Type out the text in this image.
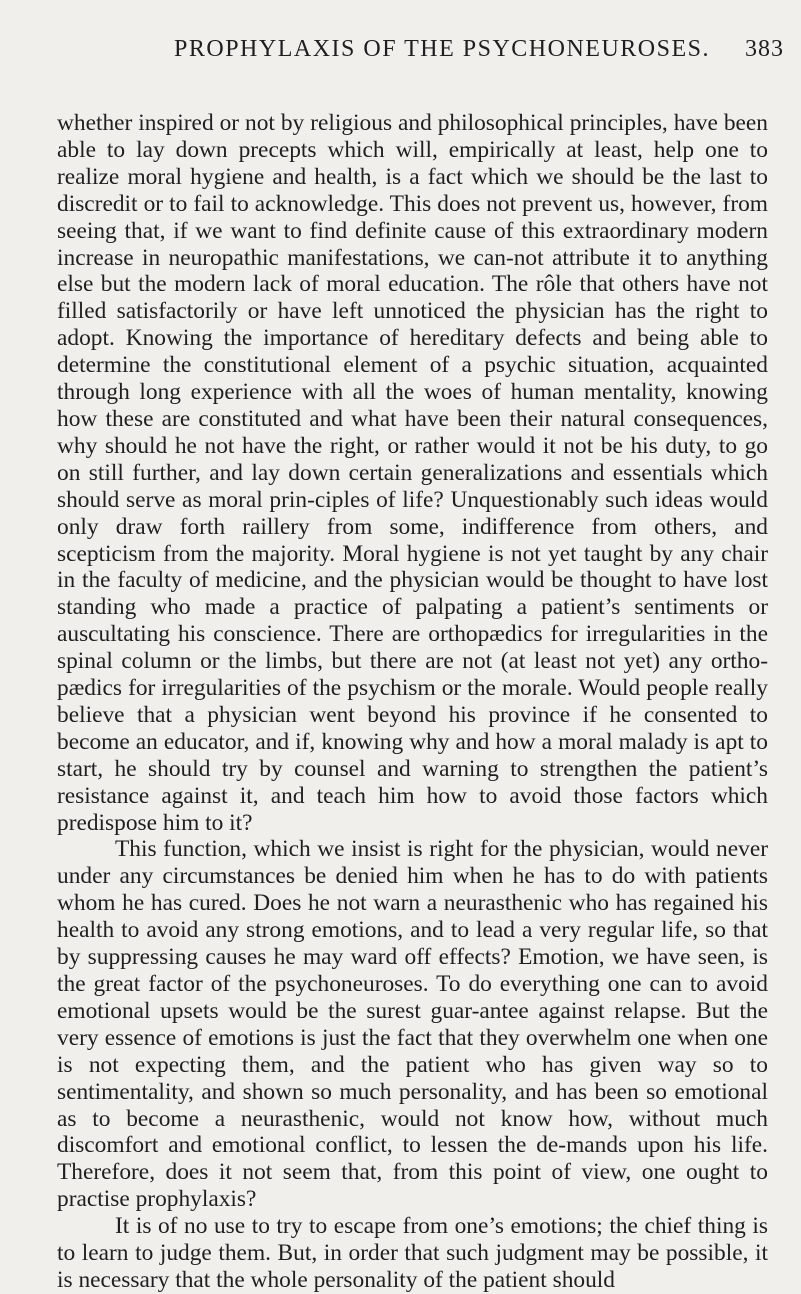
PROPHYLAXIS OF THE PSYCHONEUROSES. 383

whether inspired or not by religious and philosophical principles, have been able to lay down precepts which will, empirically at least, help one to realize moral hygiene and health, is a fact which we should be the last to discredit or to fail to acknowledge. This does not prevent us, however, from seeing that, if we want to find definite cause of this extraordinary modern increase in neuropathic manifestations, we can-not attribute it to anything else but the modern lack of moral education. The rôle that others have not filled satisfactorily or have left unnoticed the physician has the right to adopt. Knowing the importance of hereditary defects and being able to determine the constitutional element of a psychic situation, acquainted through long experience with all the woes of human mentality, knowing how these are constituted and what have been their natural consequences, why should he not have the right, or rather would it not be his duty, to go on still further, and lay down certain generalizations and essentials which should serve as moral prin-ciples of life? Unquestionably such ideas would only draw forth raillery from some, indifference from others, and scepticism from the majority. Moral hygiene is not yet taught by any chair in the faculty of medicine, and the physician would be thought to have lost standing who made a practice of palpating a patient’s sentiments or auscultating his conscience. There are orthopædics for irregularities in the spinal column or the limbs, but there are not (at least not yet) any ortho-pædics for irregularities of the psychism or the morale. Would people really believe that a physician went beyond his province if he consented to become an educator, and if, knowing why and how a moral malady is apt to start, he should try by counsel and warning to strengthen the patient’s resistance against it, and teach him how to avoid those factors which predispose him to it?

This function, which we insist is right for the physician, would never under any circumstances be denied him when he has to do with patients whom he has cured. Does he not warn a neurasthenic who has regained his health to avoid any strong emotions, and to lead a very regular life, so that by suppressing causes he may ward off effects? Emotion, we have seen, is the great factor of the psychoneuroses. To do everything one can to avoid emotional upsets would be the surest guar-antee against relapse. But the very essence of emotions is just the fact that they overwhelm one when one is not expecting them, and the patient who has given way so to sentimentality, and shown so much personality, and has been so emotional as to become a neurasthenic, would not know how, without much discomfort and emotional conflict, to lessen the de-mands upon his life. Therefore, does it not seem that, from this point of view, one ought to practise prophylaxis?

It is of no use to try to escape from one’s emotions; the chief thing is to learn to judge them. But, in order that such judgment may be possible, it is necessary that the whole personality of the patient should
